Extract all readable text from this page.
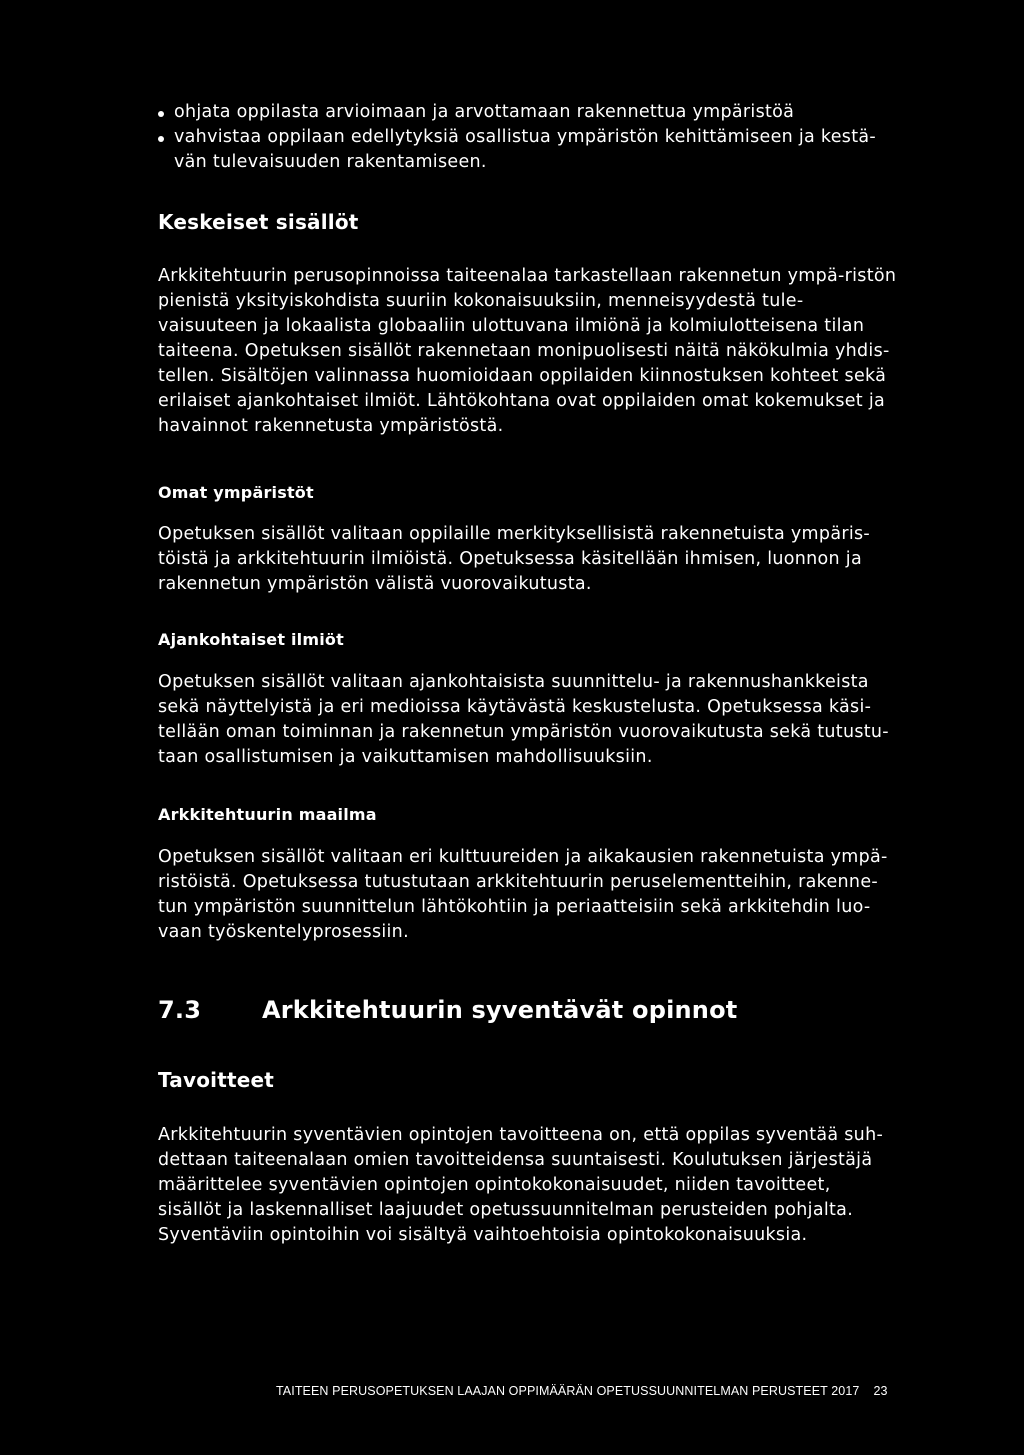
ohjata oppilasta arvioimaan ja arvottamaan rakennettua ympäristöä
vahvistaa oppilaan edellytyksiä osallistua ympäristön kehittämiseen ja kestä-vän tulevaisuuden rakentamiseen.
Keskeiset sisällöt

Arkkitehtuurin perusopinnoissa taiteenalaa tarkastellaan rakennetun ympä-ristön pienistä yksityiskohdista suuriin kokonaisuuksiin, menneisyydestä tule-vaisuuteen ja lokaalista globaaliin ulottuvana ilmiönä ja kolmiulotteisena tilan taiteena. Opetuksen sisällöt rakennetaan monipuolisesti näitä näkökulmia yhdis-tellen. Sisältöjen valinnassa huomioidaan oppilaiden kiinnostuksen kohteet sekä erilaiset ajankohtaiset ilmiöt. Lähtökohtana ovat oppilaiden omat kokemukset ja havainnot rakennetusta ympäristöstä.

Omat ympäristöt

Opetuksen sisällöt valitaan oppilaille merkityksellisistä rakennetuista ympäris-töistä ja arkkitehtuurin ilmiöistä. Opetuksessa käsitellään ihmisen, luonnon ja rakennetun ympäristön välistä vuorovaikutusta.

Ajankohtaiset ilmiöt

Opetuksen sisällöt valitaan ajankohtaisista suunnittelu- ja rakennushankkeista sekä näyttelyistä ja eri medioissa käytävästä keskustelusta. Opetuksessa käsi-tellään oman toiminnan ja rakennetun ympäristön vuorovaikutusta sekä tutustu-taan osallistumisen ja vaikuttamisen mahdollisuuksiin.

Arkkitehtuurin maailma

Opetuksen sisällöt valitaan eri kulttuureiden ja aikakausien rakennetuista ympä-ristöistä. Opetuksessa tutustutaan arkkitehtuurin peruselementteihin, rakenne-tun ympäristön suunnittelun lähtökohtiin ja periaatteisiin sekä arkkitehdin luo-vaan työskentelyprosessiin.

7.3	Arkkitehtuurin syventävät opinnot
Tavoitteet

Arkkitehtuurin syventävien opintojen tavoitteena on, että oppilas syventää suh-dettaan taiteenalaan omien tavoitteidensa suuntaisesti. Koulutuksen järjestäjä määrittelee syventävien opintojen opintokokonaisuudet, niiden tavoitteet, sisällöt ja laskennalliset laajuudet opetussuunnitelman perusteiden pohjalta. Syventäviin opintoihin voi sisältyä vaihtoehtoisia opintokokonaisuuksia.

TAITEEN PERUSOPETUKSEN LAAJAN OPPIMÄÄRÄN OPETUSSUUNNITELMAN PERUSTEET 2017 23
